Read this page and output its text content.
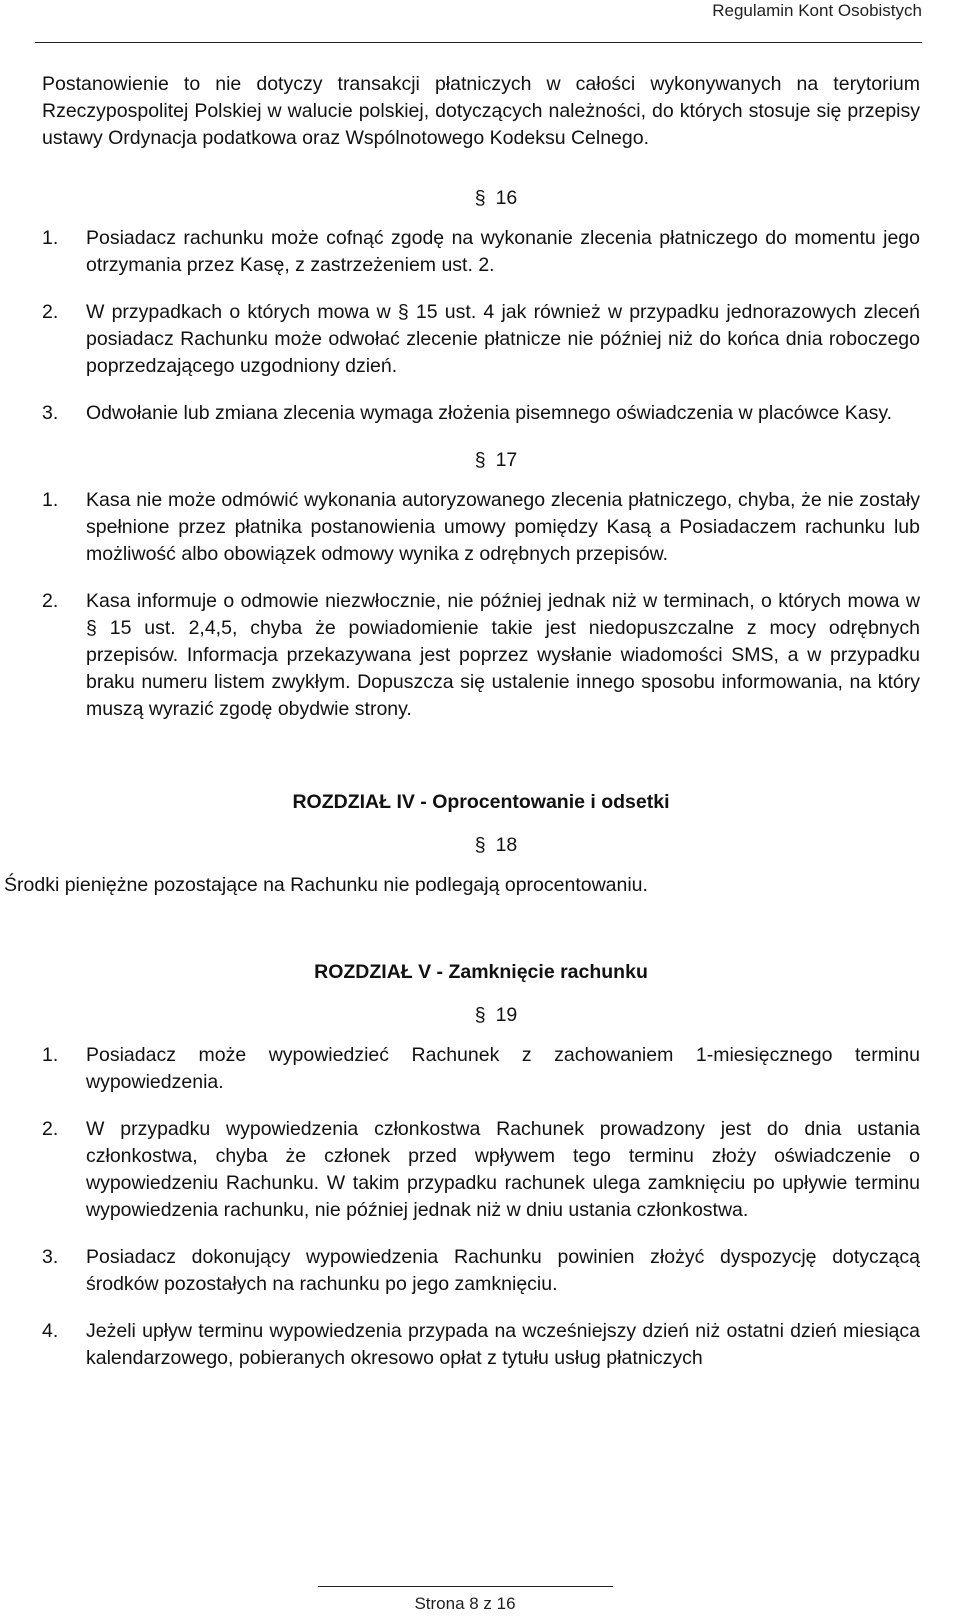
Regulamin Kont Osobistych

Postanowienie to nie dotyczy transakcji płatniczych w całości wykonywanych na terytorium Rzeczypospolitej Polskiej w walucie polskiej, dotyczących należności, do których stosuje się przepisy ustawy Ordynacja podatkowa oraz Wspólnotowego Kodeksu Celnego.

§ 16
1.	Posiadacz rachunku może cofnąć zgodę na wykonanie zlecenia płatniczego do momentu jego otrzymania przez Kasę, z zastrzeżeniem ust. 2.
2.	W przypadkach o których mowa w § 15 ust. 4 jak również w przypadku jednorazowych zleceń posiadacz Rachunku może odwołać zlecenie płatnicze nie później niż do końca dnia roboczego poprzedzającego uzgodniony dzień.
3.	Odwołanie lub zmiana zlecenia wymaga złożenia pisemnego oświadczenia w placówce Kasy.
§ 17
1.	Kasa nie może odmówić wykonania autoryzowanego zlecenia płatniczego, chyba, że nie zostały spełnione przez płatnika postanowienia umowy pomiędzy Kasą a Posiadaczem rachunku lub możliwość albo obowiązek odmowy wynika z odrębnych przepisów.
2.	Kasa informuje o odmowie niezwłocznie, nie później jednak niż w terminach, o których mowa w § 15 ust. 2,4,5, chyba że powiadomienie takie jest niedopuszczalne z mocy odrębnych przepisów. Informacja przekazywana jest poprzez wysłanie wiadomości SMS, a w przypadku braku numeru listem zwykłym. Dopuszcza się ustalenie innego sposobu informowania, na który muszą wyrazić zgodę obydwie strony.

ROZDZIAŁ IV - Oprocentowanie i odsetki

§ 18

Środki pieniężne pozostające na Rachunku nie podlegają oprocentowaniu.

ROZDZIAŁ V - Zamknięcie rachunku

§ 19
1.	Posiadacz może wypowiedzieć Rachunek z zachowaniem 1-miesięcznego terminu wypowiedzenia.
2.	W przypadku wypowiedzenia członkostwa Rachunek prowadzony jest do dnia ustania członkostwa, chyba że członek przed wpływem tego terminu złoży oświadczenie o wypowiedzeniu Rachunku. W takim przypadku rachunek ulega zamknięciu po upływie terminu wypowiedzenia rachunku, nie później jednak niż w dniu ustania członkostwa.
3.	Posiadacz dokonujący wypowiedzenia Rachunku powinien złożyć dyspozycję dotyczącą środków pozostałych na rachunku po jego zamknięciu.
4.	Jeżeli upływ terminu wypowiedzenia przypada na wcześniejszy dzień niż ostatni dzień miesiąca kalendarzowego, pobieranych okresowo opłat z tytułu usług płatniczych
Strona 8 z 16
